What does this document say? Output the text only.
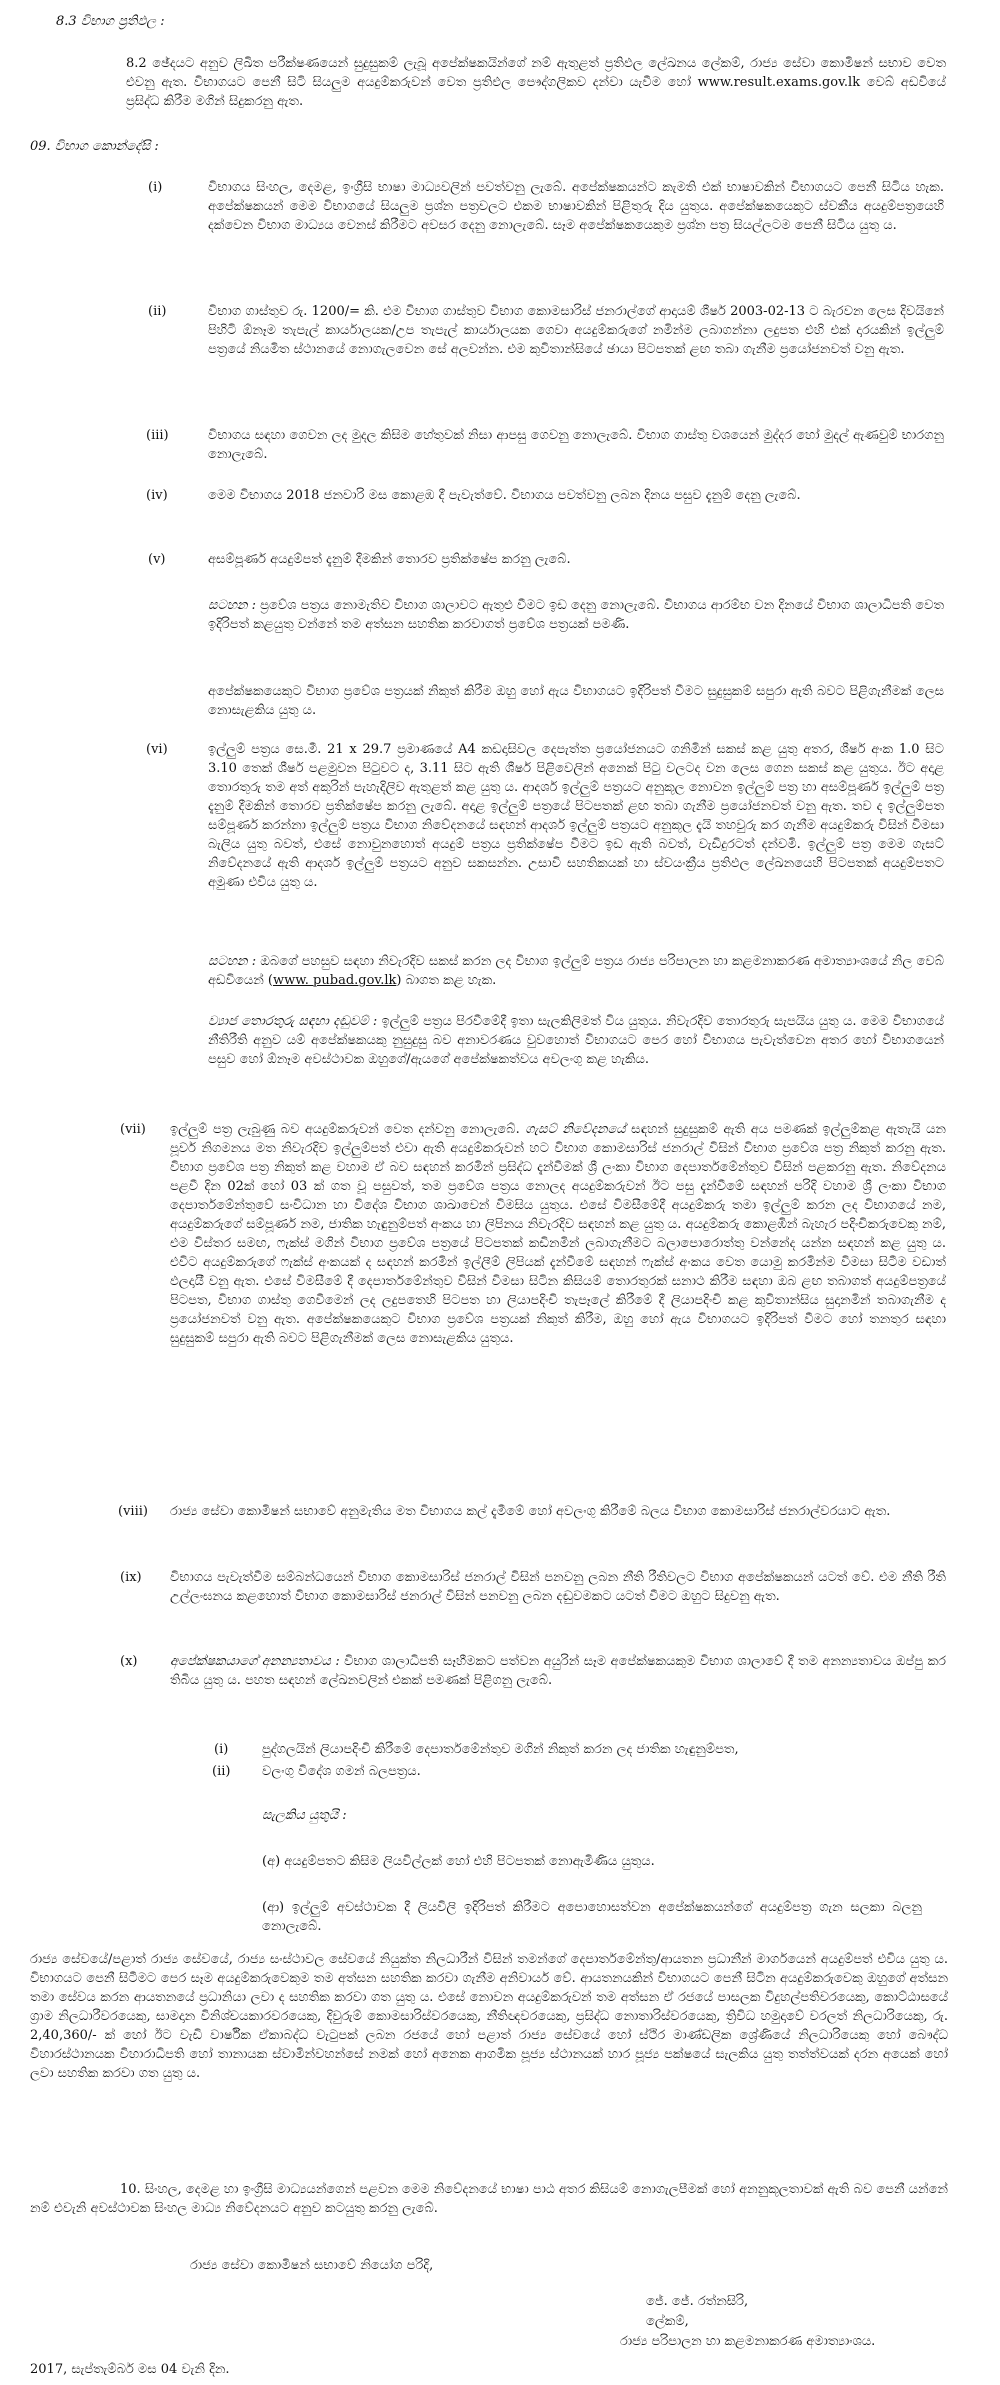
8.3 විභාග ප්‍රතිඵල :

8.2 ඡේදයට අනුව ලිඛිත පරීක්ෂණයෙන් සුදුසුකම් ලැබූ අපේක්ෂකයින්ගේ නම් ඇතුළත් ප්‍රතිඵල ලේඛනය ලේකම්, රාජ්‍ය සේවා කොමිෂන් සභාව වෙත එවනු ඇත. විභාගයට පෙනී සිටි සියලුම අයදුම්කරුවන් වෙත ප්‍රතිඵල පෞද්ගලිකව දන්වා යැවීම හෝ www.result.exams.gov.lk වෙබ් අඩවියේ ප්‍රසිද්ධ කිරීම මගින් සිදුකරනු ඇත.

09. විභාග කොන්දේසි :

(i)	විභාගය සිංහල, දෙමළ, ඉංග්‍රීසි භාෂා මාධ්‍යවලින් පවත්වනු ලැබේ. අපේක්ෂකයන්ට කැමති එක් භාෂාවකින් විභාගයට පෙනී සිටිය හැක. අපේක්ෂකයන් මෙම විභාගයේ සියලුම ප්‍රශ්න පත්‍රවලට එකම භාෂාවකින් පිළිතුරු දිය යුතුය. අපේක්ෂකයෙකුට ස්වකීය අයදුම්පත්‍රයෙහි දක්වෙන විභාග මාධ්‍යය වෙනස් කිරීමට අවසර දෙනු නොලැබේ. සෑම අපේක්ෂකයෙකුම ප්‍රශ්න පත්‍ර සියල්ලටම පෙනී සිටිය යුතු ය.

(ii)	විභාග ගාස්තුව රු. 1200/= කි. එම විභාග ගාස්තුව විභාග කොමසාරිස් ජනරාල්ගේ ආදායම් ශීර්ෂ 2003-02-13 ට බැරවන ලෙස දිවයිනේ පිහිටි ඕනෑම තැපැල් කාර්යාලයක/උප තැපැල් කාර්යාලයක ගෙවා අයදුම්කරුගේ නමින්ම ලබාගන්නා ලදුපත එහි එක් දාරයකින් ඉල්ලුම් පත්‍රයේ නියමිත ස්ථානයේ නොගැලවෙන සේ අලවන්න. එම කුවිතාන්සියේ ඡායා පිටපතක් ළඟ තබා ගැනීම ප්‍රයෝජනවත් වනු ඇත.

(iii)	විභාගය සඳහා ගෙවන ලද මුදල කිසිම හේතුවක් නිසා ආපසු ගෙවනු නොලැබේ. විභාග ගාස්තු වශයෙන් මුද්දර හෝ මුදල් ඇණවුම් භාරගනු නොලැබේ.

(iv)	මෙම විභාගය 2018 ජනවාරි මස කොළඹ දී පැවැත්වේ. විභාගය පවත්වනු ලබන දිනය පසුව දැනුම් දෙනු ලැබේ.

(v)	අසම්පූර්ණ අයදුම්පත් දැනුම් දීමකින් තොරව ප්‍රතික්ෂේප කරනු ලැබේ.

සටහන : ප්‍රවේශ පත්‍රය නොමැතිව විභාග ශාලාවට ඇතුළු වීමට ඉඩ දෙනු නොලැබේ. විභාගය ආරම්භ වන දිනයේ විභාග ශාලාධිපති වෙත ඉදිරිපත් කළයුතු වන්නේ තම අත්සන සහතික කරවාගත් ප්‍රවේශ පත්‍රයක් පමණි.

අපේක්ෂකයෙකුට විභාග ප්‍රවේශ පත්‍රයක් නිකුත් කිරීම ඔහු හෝ ඇය විභාගයට ඉදිරිපත් වීමට සුදුසුකම් සපුරා ඇති බවට පිළිගැනීමක් ලෙස නොසැළකිය යුතු ය.

(vi)	ඉල්ලුම් පත්‍රය සෙ.මී. 21 x 29.7 ප්‍රමාණයේ A4 කඩදාසිවල දෙපැත්ත ප්‍රයෝජනයට ගනිමින් සකස් කළ යුතු අතර, ශීර්ෂ අංක 1.0 සිට 3.10 තෙක් ශීර්ෂ පළමුවන පිටුවට ද, 3.11 සිට ඇති ශීර්ෂ පිළිවෙලින් අනෙක් පිටු වලටද වන ලෙස ගෙන සකස් කළ යුතුය. ඊට අදාළ තොරතුරු තම අත් අකුරින් පැහැදිලිව ඇතුළත් කළ යුතු ය. ආදර්ශ ඉල්ලුම් පත්‍රයට අනුකූල නොවන ඉල්ලුම් පත්‍ර හා අසම්පූර්ණ ඉල්ලුම් පත්‍ර දැනුම් දීමකින් තොරව ප්‍රතික්ෂේප කරනු ලැබේ. අදාළ ඉල්ලුම් පත්‍රයේ පිටපතක් ළඟ තබා ගැනීම ප්‍රයෝජනවත් වනු ඇත. තව ද ඉල්ලුම්පත සම්පූර්ණ කරන්නා ඉල්ලුම් පත්‍රය විභාග නිවේදනයේ සඳහන් ආදර්ශ ඉල්ලුම් පත්‍රයට අනුකූල දැයි තහවුරු කර ගැනීම අයදුම්කරු විසින් විමසා බැලිය යුතු බවත්, එසේ නොවුනහොත් අයදුම් පත්‍රය ප්‍රතික්ෂේප වීමට ඉඩ ඇති බවත්, වැඩිදුරටත් දන්වමි. ඉල්ලුම් පත්‍ර මෙම ගැසට් නිවේදනයේ ඇති ආදර්ශ ඉල්ලුම් පත්‍රයට අනුව සකසන්න. උසාවි සහතිකයක් හා ස්වයංක්‍රීය ප්‍රතිඵල ලේඛනයෙහි පිටපතක් අයදුම්පතට අමුණා එවිය යුතු ය.

සටහන : ඔබගේ පහසුව සඳහා නිවැරදිව සකස් කරන ලද විභාග ඉල්ලුම් පත්‍රය රාජ්‍ය පරිපාලන හා කළමනාකරණ අමාත්‍යාංශයේ නිල වෙබ් අඩවියෙන් (www. pubad.gov.lk) බාගත කළ හැක.

ව්‍යාජ තොරතුරු සඳහා දඬුවම් : ඉල්ලුම් පත්‍රය පිරවීමේදී ඉතා සැලකිලිමත් විය යුතුය. නිවැරදිව තොරතුරු සැපයිය යුතු ය. මෙම විභාගයේ නීතිරීති අනුව යම් අපේක්ෂකයකු නුසුදුසු බව අනාවරණය වුවහොත් විභාගයට පෙර හෝ විභාගය පැවැත්වෙන අතර හෝ විභාගයෙන් පසුව හෝ ඕනෑම අවස්ථාවක ඔහුගේ/ඇයගේ අපේක්ෂකත්වය අවලංගු කළ හැකිය.

(vii) ඉල්ලුම් පත්‍ර ලැබුණු බව අයදුම්කරුවන් වෙත දන්වනු නොලැබේ. ගැසට් නිවේදනයේ සඳහන් සුදුසුකම් ඇති අය පමණක් ඉල්ලුම්කළ ඇතැයි යන පූර්ව නිගමනය මත නිවැරදිව ඉල්ලුම්පත් එවා ඇති අයදුම්කරුවන් හට විභාග කොමසාරිස් ජනරාල් විසින් විභාග ප්‍රවේශ පත්‍ර නිකුත් කරනු ඇත. විභාග ප්‍රවේශ පත්‍ර නිකුත් කළ වහාම ඒ බව සඳහන් කරමින් ප්‍රසිද්ධ දැන්වීමක් ශ්‍රී ලංකා විභාග දෙපාර්තමේන්තුව විසින් පළකරනු ඇත. නිවේදනය පළවී දින 02ක් හෝ 03 ක් ගත වූ පසුවත්, තම ප්‍රවේශ පත්‍රය නොලද අයදුම්කරුවන් ඊට පසු දැන්වීමේ සඳහන් පරිදි වහාම ශ්‍රී ලංකා විභාග දෙපාර්තමේන්තුවේ සංවිධාන හා විදේශ විභාග ශාඛාවෙන් විමසිය යුතුය. එසේ විමසීමේදී අයදුම්කරු තමා ඉල්ලුම් කරන ලද විභාගයේ නම, අයදුම්කරුගේ සම්පූර්ණ නම, ජාතික හැඳුනුම්පත් අංකය හා ලිපිනය නිවැරදිව සඳහන් කළ යුතු ය. අයදුම්කරු කොළඹින් බැහැර පදිංචිකරුවෙකු නම්, එම විස්තර සමඟ, ෆැක්ස් මගින් විභාග ප්‍රවේශ පත්‍රයේ පිටපතක් කඩිනමින් ලබාගැනීමට බලාපොරොත්තු වන්නේද යන්න සඳහන් කළ යුතු ය. එවිට අයදුම්කරුගේ ෆැක්ස් අංකයක් ද සඳහන් කරමින් ඉල්ලීම් ලිපියක් දැන්වීමේ සඳහන් ෆැක්ස් අංකය වෙත යොමු කරමින්ම විමසා සිටීම වඩාත් ඵලදායී වනු ඇත. එසේ විමසීමේ දී දෙපාර්තමේන්තුව විසින් විමසා සිටින කිසියම් තොරතුරක් සනාථ කිරීම සඳහා ඔබ ළඟ තබාගත් අයදුම්පත්‍රයේ පිටපත, විභාග ගාස්තු ගෙවීමෙන් ලද ලදුපතෙහි පිටපත හා ලියාපදිංචි තැපෑලේ කිරීමේ දී ලියාපදිංචි කළ කුවිතාන්සිය සුදානමින් තබාගැනීම ද ප්‍රයෝජනවත් වනු ඇත. අපේක්ෂකයෙකුට විභාග ප්‍රවේශ පත්‍රයක් නිකුත් කිරීම, ඔහු හෝ ඇය විභාගයට ඉදිරිපත් වීමට හෝ තනතුර සඳහා සුදුසුකම් සපුරා ඇති බවට පිළිගැනීමක් ලෙස නොසැළකිය යුතුය.

(viii) රාජ්‍ය සේවා කොමිෂන් සභාවේ අනුමැතිය මත විභාගය කල් දැමීමේ හෝ අවලංගු කිරීමේ බලය විභාග කොමසාරිස් ජනරාල්වරයාට ඇත.

(ix) විභාගය පැවැත්වීම සම්බන්ධයෙන් විභාග කොමසාරිස් ජනරාල් විසින් පනවනු ලබන නීති රීතිවලට විභාග අපේක්ෂකයන් යටත් වේ. එම නීති රීති උල්ලංඝනය කළහොත් විභාග කොමසාරිස් ජනරාල් විසින් පනවනු ලබන දඬුවමකට යටත් වීමට ඔහුට සිදුවනු ඇත.

(x)	අපේක්ෂකයාගේ අනන්‍යතාවය : විභාග ශාලාධිපති සෑහීමකට පත්වන අයුරින් සෑම අපේක්ෂකයකුම විභාග ශාලාවේ දී තම අනන්‍යතාවය ඔප්පු කර තිබිය යුතු ය. පහත සඳහන් ලේඛනවලින් එකක් පමණක් පිළිගනු ලැබේ.

(i)	පුද්ගලයින් ලියාපදිංචි කිරීමේ දෙපාර්තමේන්තුව මගින් නිකුත් කරන ලද ජාතික හැඳුනුම්පත,

(ii) වලංගු විදේශ ගමන් බලපත්‍රය.

සැලකිය යුතුයි :

(අ) අයදුම්පතට කිසිම ලියවිල්ලක් හෝ එහි පිටපතක් නොඇමිණිය යුතුය.

(ආ) ඉල්ලුම් අවස්ථාවක දී ලියවිලි ඉදිරිපත් කිරීමට අපොහොසත්වන අපේක්ෂකයන්ගේ අයදුම්පත්‍ර ගැන සලකා බලනු නොලැබේ.

රාජ්‍ය සේවයේ/පළාත් රාජ්‍ය සේවයේ, රාජ්‍ය සංස්ථාවල සේවයේ නියුක්ත නිලධාරීන් විසින් තමන්ගේ දෙපාර්තමේන්තු/ආයතන ප්‍රධානීන් මාර්ගයෙන් අයදුම්පත් එවිය යුතු ය. විභාගයට පෙනී සිටීමට පෙර සෑම අයදුම්කරුවෙකුම තම අත්සන සහතික කරවා ගැනීම අනිවාර්ය වේ. ආයතනයකින් විභාගයට පෙනී සිටින අයදුම්කරුවෙකු ඔහුගේ අත්සන තමා සේවය කරන ආයතනයේ ප්‍රධානියා ලවා ද සහතික කරවා ගත යුතු ය. එසේ නොවන අයදුම්කරුවන් තම අත්සන ඒ රජයේ පාසලක විදුහල්පතිවරයෙකු, කොට්ඨාසයේ ග්‍රාම නිලධාරීවරයෙකු, සාමදාන විනිශ්චයකාරවරයෙකු, දිවුරුම් කොමසාරිස්වරයෙකු, නීතිඥවරයෙකු, ප්‍රසිද්ධ නොතාරිස්වරයෙකු, ත්‍රිවිධ හමුදාවේ වරලත් නිලධාරියෙකු, රු. 2,40,360/- ක් හෝ ඊට වැඩි වාර්ෂික ඒකාබද්ධ වැටුපක් ලබන රජයේ හෝ පළාත් රාජ්‍ය සේවයේ හෝ ස්ථිර මාණ්ඩලික ශ්‍රේණියේ නිලධාරියෙකු හෝ බෞද්ධ විහාරස්ථානයක විහාරාධිපති හෝ තානායක ස්වාමින්වහන්සේ නමක් හෝ අනෙක ආගමික පූජ්‍ය ස්ථානයක් හාර පූජ්‍ය පක්ෂයේ සැලකිය යුතු තත්ත්වයක් දරන අයෙක් හෝ ලවා සහතික කරවා ගත යුතු ය.

10. සිංහල, දෙමළ හා ඉංග්‍රීසි මාධ්‍යයන්ගෙන් පළවන මෙම නිවේදනයේ භාෂා පාඨ අතර කිසියම් නොගැලපීමක් හෝ අනනුකූලතාවක් ඇති බව පෙනී යන්නේ නම් එවැනි අවස්ථාවක සිංහල මාධ්‍ය නිවේදනයට අනුව කටයුතු කරනු ලැබේ.

රාජ්‍ය සේවා කොමිෂන් සභාවේ නියෝග පරිදි,

ජේ. ජේ. රත්නසිරි,

ලේකම්,

රාජ්‍ය පරිපාලන හා කළමනාකරණ අමාත්‍යාංශය.

2017, සැප්තැම්බර් මස 04 වැනි දින.
